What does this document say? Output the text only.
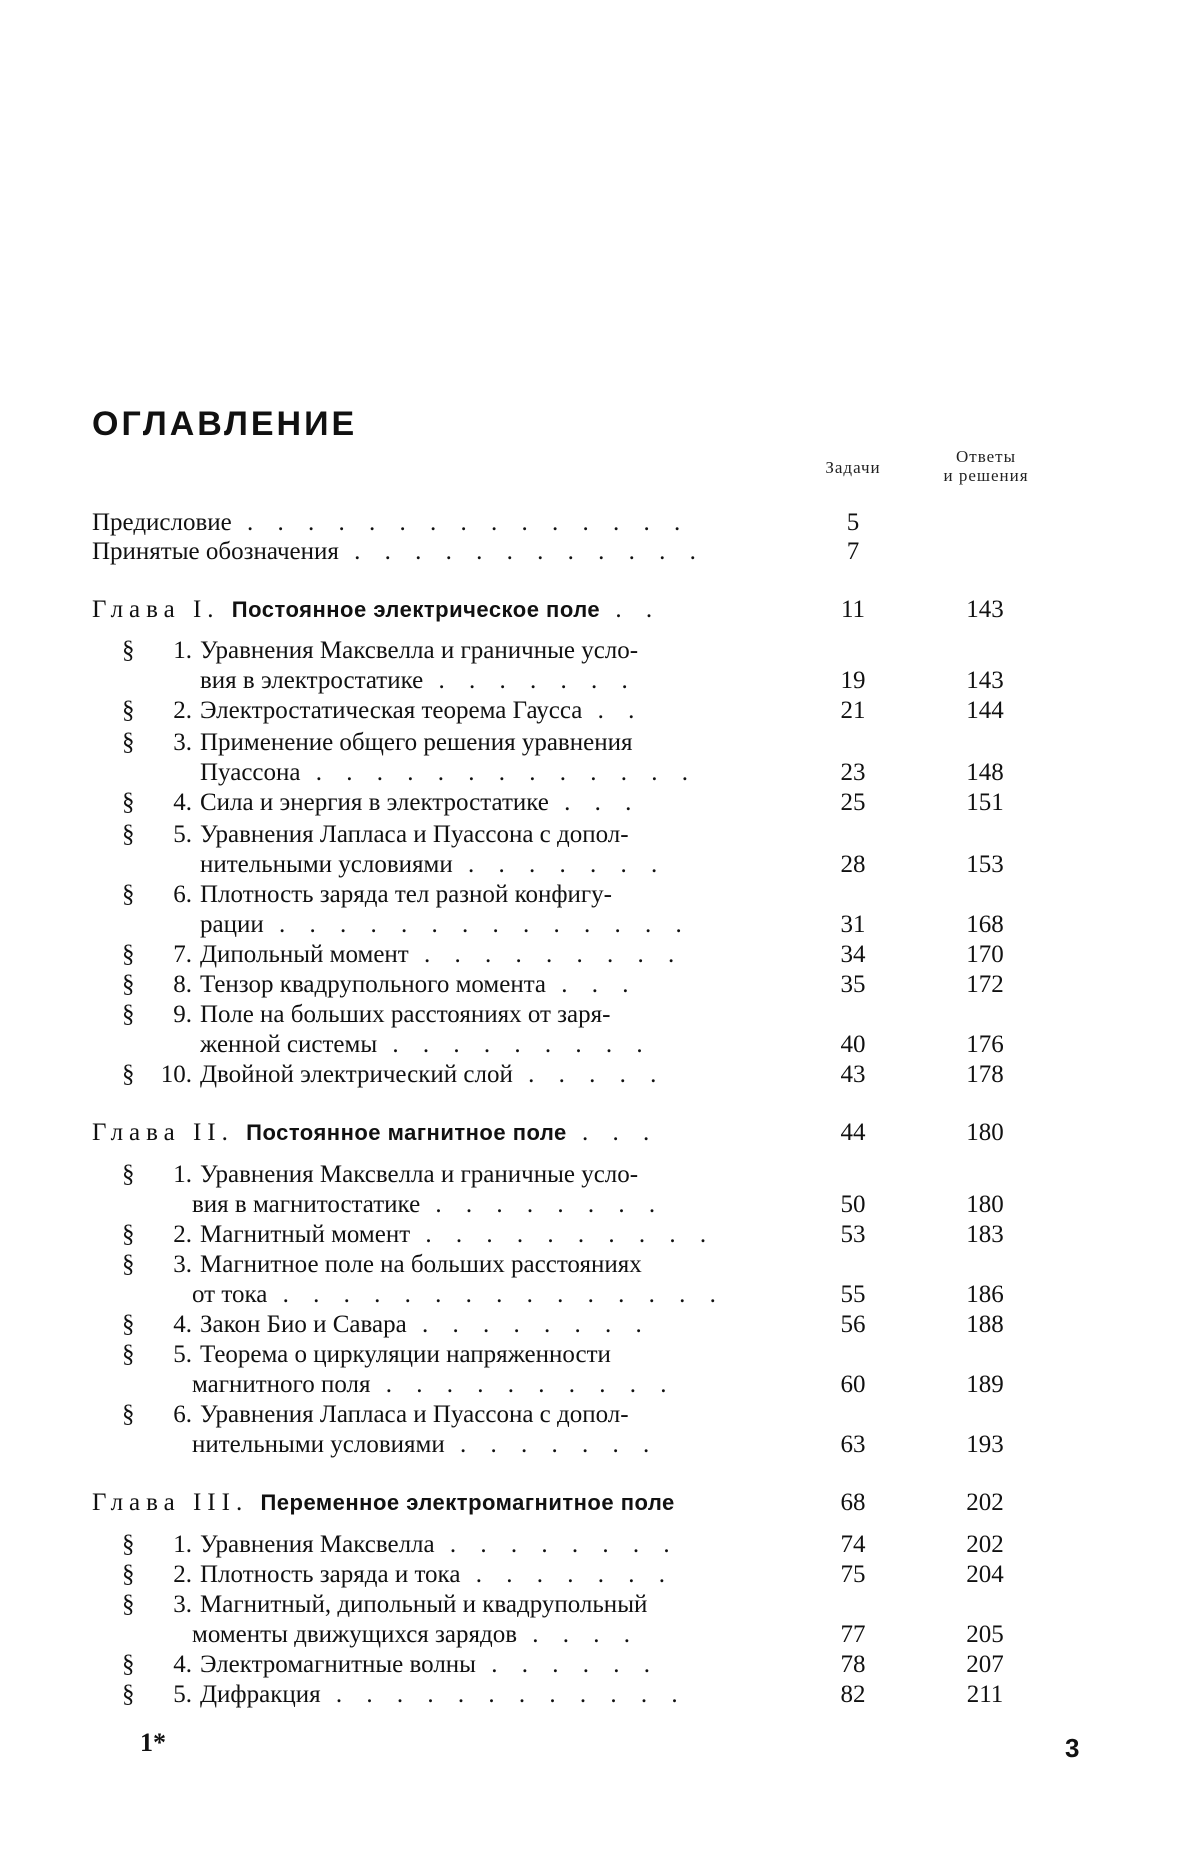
ОГЛАВЛЕНИЕ
Задачи
Ответы
и решения
Предисловие . . . . . . . . . . . . . . .	5
Принятые обозначения . . . . . . . . . . . .	7
Глава I. Постоянное электрическое поле . .	11	143
§ 1. Уравнения Максвелла и граничные усло-
вия в электростатике . . . . . . .	19	143
§ 2. Электростатическая теорема Гаусса . .	21	144
§ 3. Применение общего решения уравнения
Пуассона . . . . . . . . . . . . .	23	148
§ 4. Сила и энергия в электростатике . . .	25	151
§ 5. Уравнения Лапласа и Пуассона с допол-
нительными условиями . . . . . . .	28	153
§ 6. Плотность заряда тел разной конфигу-
рации . . . . . . . . . . . . . .	31	168
§ 7. Дипольный момент . . . . . . . . .	34	170
§ 8. Тензор квадрупольного момента . . .	35	172
§ 9. Поле на больших расстояниях от заря-
женной системы . . . . . . . . .	40	176
§ 10. Двойной электрический слой . . . . .	43	178
Глава II. Постоянное магнитное поле . . .	44	180
§ 1. Уравнения Максвелла и граничные усло-
вия в магнитостатике . . . . . . . .	50	180
§ 2. Магнитный момент . . . . . . . . . .	53	183
§ 3. Магнитное поле на больших расстояниях
от тока . . . . . . . . . . . . . . .	55	186
§ 4. Закон Био и Савара . . . . . . . .	56	188
§ 5. Теорема о циркуляции напряженности
магнитного поля . . . . . . . . . .	60	189
§ 6. Уравнения Лапласа и Пуассона с допол-
нительными условиями . . . . . . .	63	193
Глава III. Переменное электромагнитное поле	68	202
§ 1. Уравнения Максвелла . . . . . . . .	74	202
§ 2. Плотность заряда и тока . . . . . . .	75	204
§ 3. Магнитный, дипольный и квадрупольный
моменты движущихся зарядов . . . .	77	205
§ 4. Электромагнитные волны . . . . . .	78	207
§ 5. Дифракция . . . . . . . . . . . .	82	211
1*	3
